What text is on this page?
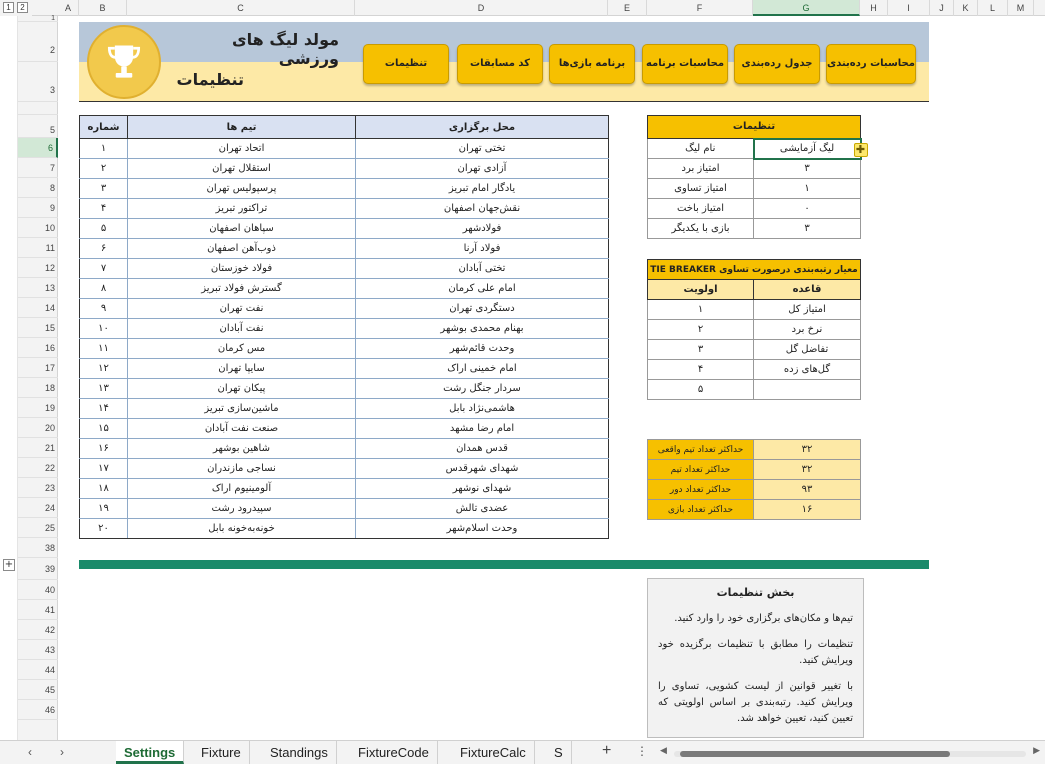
1	2	A	B	C	D	E	F	G	H	I	J	K	L	M
+
1
2
3
5
6
7
8
9
10
11
12
13
14
15
16
17
18
19
20
21
22
23
24
25
38
39
40
41
42
43
44
45
46
مولد لیگ های ورزشی
تنظیمات
محاسبات رده‌بندی
جدول رده‌بندی
محاسبات برنامه
برنامه بازی‌ها
کد مسابقات
تنظیمات
شماره	تیم ها	محل برگزاری
۱	اتحاد تهران	تختی تهران
۲	استقلال تهران	آزادی تهران
۳	پرسپولیس تهران	یادگار امام تبریز
۴	تراکتور تبریز	نقش‌جهان اصفهان
۵	سپاهان اصفهان	فولادشهر
۶	ذوب‌آهن اصفهان	فولاد آرنا
۷	فولاد خوزستان	تختی آبادان
۸	گسترش فولاد تبریز	امام علی کرمان
۹	نفت تهران	دستگردی تهران
۱۰	نفت آبادان	بهنام محمدی بوشهر
۱۱	مس کرمان	وحدت قائم‌شهر
۱۲	سایپا تهران	امام خمینی اراک
۱۳	پیکان تهران	سردار جنگل رشت
۱۴	ماشین‌سازی تبریز	هاشمی‌نژاد بابل
۱۵	صنعت نفت آبادان	امام رضا مشهد
۱۶	شاهین بوشهر	قدس همدان
۱۷	نساجی مازندران	شهدای شهرقدس
۱۸	آلومینیوم اراک	شهدای نوشهر
۱۹	سپیدرود رشت	عضدی تالش
۲۰	خونه‌به‌خونه بابل	وحدت اسلام‌شهر
تنظیمات	
نام لیگ	لیگ آزمایشی ✚

امتیاز برد	۳
امتیاز تساوی	۱
امتیاز باخت	۰
بازی با یکدیگر	۳
معیار رتبه‌بندی درصورت تساوی TIE BREAKER	
اولویت	قاعده
۱	امتیاز کل
۲	نرخ برد
۳	تفاضل گل
۴	گل‌های زده
۵	
حداکثر تعداد تیم واقعی	۳۲
حداکثر تعداد تیم	۳۲
حداکثر تعداد دور	۹۳
حداکثر تعداد بازی	۱۶
بخش تنظیمات

تیم‌ها و مکان‌های برگزاری خود را وارد کنید.

تنظیمات را مطابق با تنظیمات برگزیده خود ویرایش کنید.

با تغییر قوانین از لیست کشویی، تساوی را ویرایش کنید. رتبه‌بندی بر اساس اولویتی که تعیین کنید، تعیین خواهد شد.

‹ ›	Settings	Fixture	Standings	FixtureCode	FixtureCalc	S	+ ⋮ ◀	▶
